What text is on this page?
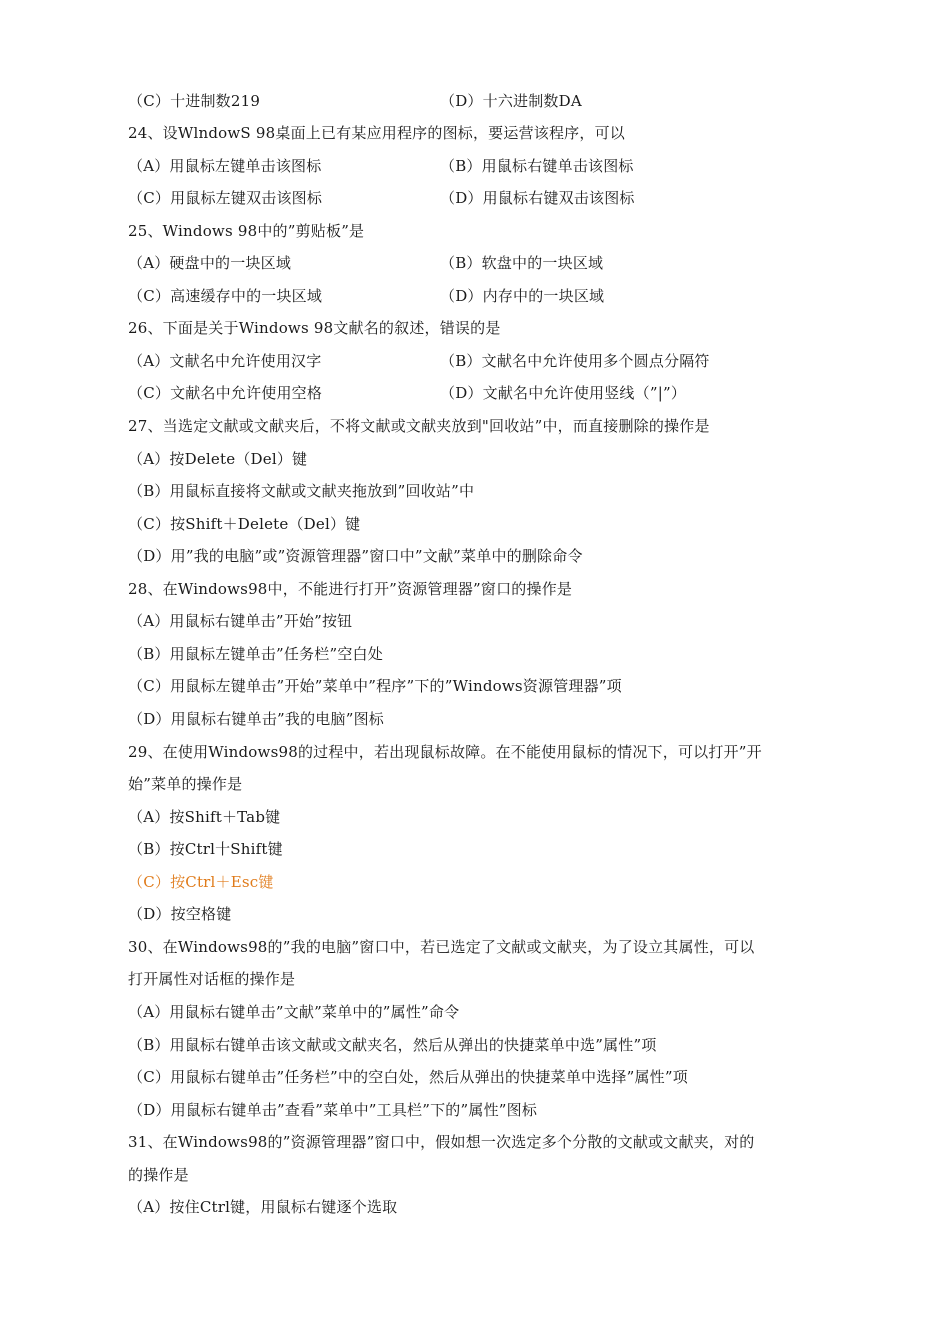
（C）十进制数219	（D）十六进制数DA
24、设WlndowS 98桌面上已有某应用程序的图标，要运营该程序，可以
（A）用鼠标左键单击该图标	（B）用鼠标右键单击该图标
（C）用鼠标左键双击该图标	（D）用鼠标右键双击该图标
25、Windows 98中的”剪贴板”是
（A）硬盘中的一块区域	（B）软盘中的一块区域
（C）高速缓存中的一块区域	（D）内存中的一块区域
26、下面是关于Windows 98文献名的叙述，错误的是
（A）文献名中允许使用汉字	（B）文献名中允许使用多个圆点分隔符
（C）文献名中允许使用空格	（D）文献名中允许使用竖线（”|”）
27、当选定文献或文献夹后，不将文献或文献夹放到"回收站”中，而直接删除的操作是
（A）按Delete（Del）键
（B）用鼠标直接将文献或文献夹拖放到”回收站”中
（C）按Shift＋Delete（Del）键
（D）用”我的电脑”或”资源管理器”窗口中”文献”菜单中的删除命令
28、在Windows98中，不能进行打开”资源管理器”窗口的操作是
（A）用鼠标右键单击”开始”按钮
（B）用鼠标左键单击”任务栏”空白处
（C）用鼠标左键单击”开始”菜单中”程序”下的”Windows资源管理器”项
（D）用鼠标右键单击”我的电脑”图标
29、在使用Windows98的过程中，若出现鼠标故障。在不能使用鼠标的情况下，可以打开”开
始”菜单的操作是
（A）按Shift＋Tab键
（B）按Ctrl十Shift键
（C）按Ctrl＋Esc键
（D）按空格键
30、在Windows98的”我的电脑”窗口中，若已选定了文献或文献夹，为了设立其属性，可以
打开属性对话框的操作是
（A）用鼠标右键单击”文献”菜单中的”属性”命令
（B）用鼠标右键单击该文献或文献夹名，然后从弹出的快捷菜单中选”属性”项
（C）用鼠标右键单击”任务栏”中的空白处，然后从弹出的快捷菜单中选择”属性”项
（D）用鼠标右键单击”查看”菜单中”工具栏”下的”属性”图标
31、在Windows98的”资源管理器”窗口中，假如想一次选定多个分散的文献或文献夹，对的
的操作是
（A）按住Ctrl键，用鼠标右键逐个选取
